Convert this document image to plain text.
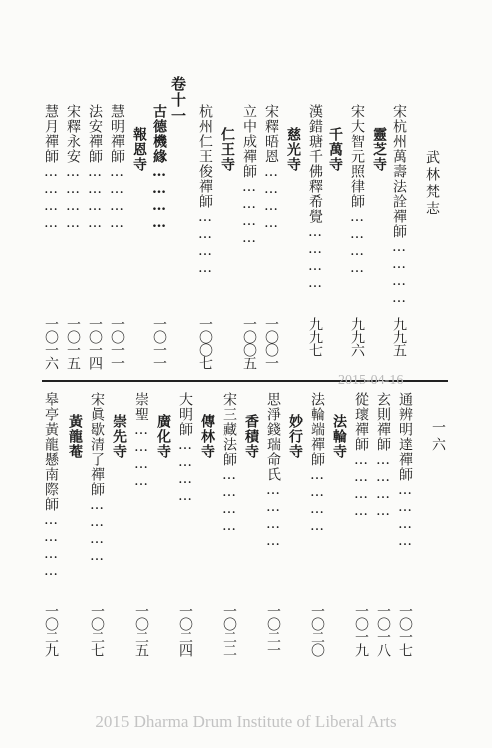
武林梵志
一六
卷十一
宋杭州萬壽法詮禪師…………
九九五
靈芝寺
宋大智元照律師…………
九九六
千萬寺
漢錯瑭千佛釋希覺…………
九九七
慈光寺
宋釋晤恩…………
一〇〇一
立中成禪師…………
一〇〇五
仁王寺
杭州仁王俊禪師…………
一〇〇七
古德機緣…………
一〇一一
報恩寺
慧明禪師…………
一〇一一
法安禪師…………
一〇一四
宋釋永安…………
一〇一五
慧月禪師…………
一〇一六
2015-04-16
通辨明達禪師…………
一〇一七
玄則禪師…………
一〇一八
從瓌禪師…………
一〇一九
法輪寺
法輪端禪師…………
一〇二〇
妙行寺
思淨錢瑞命氏…………
一〇二一
香積寺
宋三藏法師…………
一〇二二
傳林寺
大明師…………
一〇二四
廣化寺
崇聖…………
一〇二五
崇先寺
宋眞歇清了禪師…………
一〇二七
黃龍菴
皋亭黃龍懸南際師…………
一〇二九
2015 Dharma Drum Institute of Liberal Arts
